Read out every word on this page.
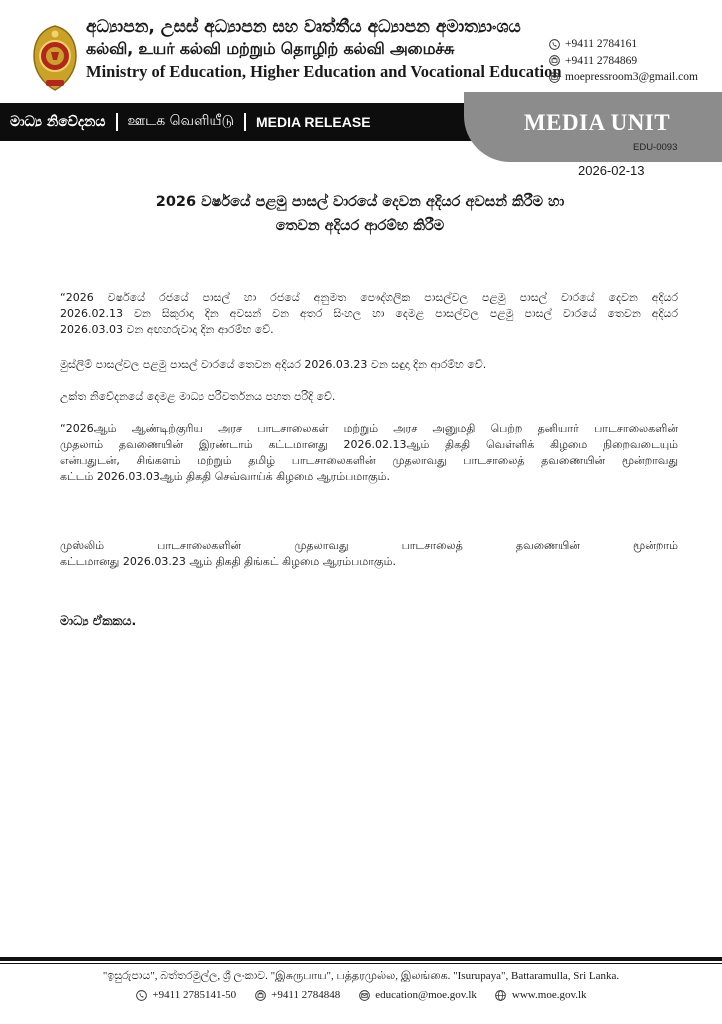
අධ්‍යාපන, උසස් අධ්‍යාපන සහ වෘත්තීය අධ්‍යාපන අමාත්‍යාංශය
கல்வி, உயர் கல்வி மற்றும் தொழிற் கல்வி அமைச்சு
Ministry of Education, Higher Education and Vocational Education
+9411 2784161
+9411 2784869
moepressroom3@gmail.com
මාධ්‍ය නිවේදනය ஊடக வெளியீடு MEDIA RELEASE	MEDIA UNIT
EDU-0093
2026-02-13
2026 වර්ෂයේ පළමු පාසල් වාරයේ දෙවන අදියර අවසන් කිරීම හා
තෙවන අදියර ආරම්භ කිරීම
“2026 වර්ෂයේ රජයේ පාසල් හා රජයේ අනුමත පෞද්ගලික පාසල්වල පළමු පාසල් වාරයේ දෙවන අදියර
2026.02.13 වන සිකුරාදා දින අවසන් වන අතර සිංහල හා දෙමළ පාසල්වල පළමු පාසල් වාරයේ තෙවන අදියර
2026.03.03 වන අඟහරුවාදා දින ආරම්භ වේ.
මුස්ලිම් පාසල්වල පළමු පාසල් වාරයේ තෙවන අදියර 2026.03.23 වන සඳුදා දින ආරම්භ වේ.
උක්ත නිවේදනයේ දෙමළ මාධ්‍ය පරිවර්තනය පහත පරිදි වේ.
“2026ஆம் ஆண்டிற்குரிய அரச பாடசாலைகள் மற்றும் அரச அனுமதி பெற்ற தனியார் பாடசாலைகளின்
முதலாம் தவணையின் இரண்டாம் கட்டமானது 2026.02.13ஆம் திகதி வெள்ளிக் கிழமை நிறைவடையும்
என்பதுடன், சிங்களம் மற்றும் தமிழ் பாடசாலைகளின் முதலாவது பாடசாலைத் தவணையின் மூன்றாவது
கட்டம் 2026.03.03ஆம் திகதி செவ்வாய்க் கிழமை ஆரம்பமாகும்.
முஸ்லிம் பாடசாலைகளின் முதலாவது பாடசாலைத் தவணையின் மூன்றாம்
கட்டமானது 2026.03.23 ஆம் திகதி திங்கட் கிழமை ஆரம்பமாகும்.
මාධ්‍ය ඒකකය.
"ඉසුරුපාය", බත්තරමුල්ල, ශ්‍රී ලංකාව. "இசுருபாய", பத்தரமுல்ல, இலங்கை. "Isurupaya", Battaramulla, Sri Lanka.
+9411 2785141-50	+9411 2784848	education@moe.gov.lk	www.moe.gov.lk
